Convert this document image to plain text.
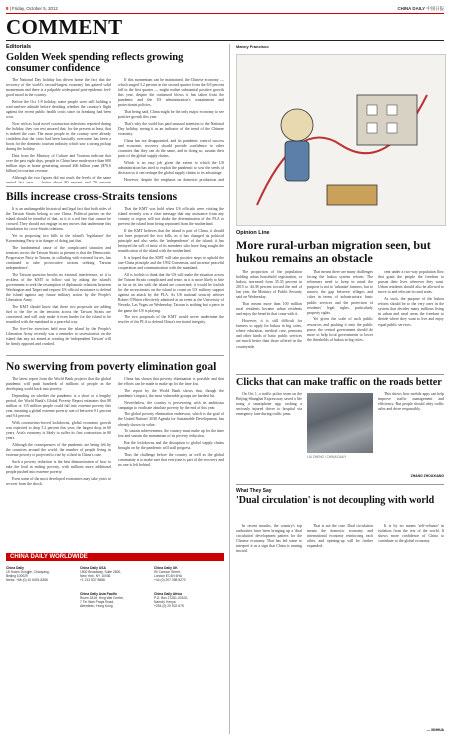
8 | Friday, October 5, 2012	CHINA DAILY 中国日报
COMMENT
Editorials
Golden Week spending reflects growing consumer confidence

The National Day holiday has driven home the fact that the recovery of the world's second-largest economy has gained solid momentum and there is a palpable widespread post-epidemic feel-good mood in the country.

Before the Oct 1-8 holiday, some people were still holding a wait-and-see attitude before deciding whether the country's flight against the recent public health crisis since its breaking had been won.

Now with as local novel coronavirus infections reported during the holiday, they can rest assured that, for the present at least, that is indeed the case. The more people in the country were already confident that the virus had been basically overcome has been a boost for the domestic tourism industry which saw a strong pickup during the holiday.

Data from the Ministry of Culture and Tourism indicate that over the past eight days, people in China have made more than 600 million trips at home generating around 466 billion yuan ($70.6 billion) in tourism revenue.

Although the two figures did not reach the levels of the same

If this momentum can be maintained, the Chinese economy — which surged 3.2 percent in the second quarter from the 6.8 percent fall in the first quarter — might realize substantial positive growth this year, despite the continued blows it has taken from the pandemic and the US administration's containment and protectionist policies.

That being said, China might be the only major economy to see positive growth this year.

That's why the world has paid unusual attention to the National Day holiday, seeing it as an indicator of the trend of the Chinese economy.

China has not disappointed, and its pandemic control success and economic recovery should provide confidence to other countries that they can do the same, and in doing so, sustain their parts of the global supply chains.

Which is no easy job given the extent to which the US administration has tried to exploit the pandemic to sow the seeds of division so it can reshape the global supply chains to its advantage.

However, despite the emphasis on domestic production and

Bills increase cross-Straits tensions

It is an unchangeable historical and legal fact that both sides of the Taiwan Straits belong to one China. Political parties on the island should be mindful of that, as it is a red line that cannot be crossed. They should not engage in any moves that undermine this foundation for cross-Straits relations.

Yet in proposing two bills in the island's 'legislature' the Kuomintang Party is in danger of doing just that.

The fundamental cause of the complicated situation and tensions across the Taiwan Straits at present is that the Democratic Progressive Party in Taiwan, in colluding with external forces, has continued to take provocative actions seeking 'Taiwan independence'.

The Taiwan question brooks no external interference, so it is reckless of the KMT to follow suit by asking the island's government to seek the resumption of diplomatic relations between Washington and Taipei and request US official assistance to defend the island against any future military action by the People's Liberation Army.

The KMT should know that these two proposals are adding fuel to the fire as the tensions across the Taiwan Straits are concerned, and will only make it even harder for the island to be reunified with the mainland in a peaceful way.

The five-fire exercises held near the island by the People's Liberation Army recently was a reminder to secessionists on the island that any act aimed at creating de 'independent Taiwan' will be firmly opposed and crushed.

That the KMT was bold when US officials were visiting the island recently was a clear message that any assistance from any country or region will not shake the determination of the PLA to prevent the island from being separated from the motherland.

If the KMT believes that the island is part of China, it should not have proposed the two bills, as it has changed its political principle and also seeks the 'independence' of the island; it has betrayed the will of most of its members who have long sought the reunification of the island with the motherland.

It is hoped that the KMT will take positive steps to uphold the one-China principle and the 1992 Consensus, and increase peaceful cooperation and communication with the mainland.

All is foolish to think that the US will make the situation across the Taiwan Straits complicated and tense, as it is more likely to bite as far as its ties with the island are concerned; it would be foolish for the secessionists on the island to count on US military support against an attack by the PLA. As US national security adviser Robert O'Brien effectively admitted at an event at the University of Nevada, Las Vegas on Wednesday, Taiwan is nothing but a piece in the game the US is playing.

The two proposals of the KMT would never undermine the resolve of the PLA to defend China's territorial integrity.

No swerving from poverty elimination goal

The latest report from the World Bank projects that the global pandemic will push hundreds of millions of people in the developing world back into poverty.

Depending on whether the pandemic is a short or a lengthy period, the World Bank's Global Poverty Report estimates that 88 million or 115 million people could fall into extreme poverty this year, meaning a global extreme poverty rate of between 9.1 percent and 9.4 percent.

With coronavirus-forced lockdowns, global economic growth was expected to drop 5.2 percent this year; the largest drop in 60 years. Asia's economy is likely to suffer its first contraction in 60 years.

Although the consequences of the pandemic are being felt by the countries around the world, the number of people living in extreme poverty is projected to rise by a third in China's case.

Such a poverty reduction is the best demonstration of how to take the lead in ending poverty, with millions more additional people pushed into extreme poverty.

Even some of the most developed economies may take years to recover from the shock.

China has shown that poverty elimination is possible and that the efforts can be made to make up for the time lost.

The report by the World Bank shows that, though the pandemic's impact, the most vulnerable groups are hardest hit.

Nevertheless, the country is persevering with its ambitious campaign to eradicate absolute poverty by the end of this year.

The global poverty elimination endeavour, which is the goal of the United Nations' 2030 Agenda for Sustainable Development, has already shown its value.

To sustain achievements, the country must make up for the time lost and sustain the momentum of its poverty reduction.

But the lockdowns and the disruption to global supply chains brought on by the pandemic will stall progress.

Thus the challenge before the country as well as the global community is to make sure that everyone is part of the recovery and no one is left behind.

CHINA DAILY WORLDWIDE
China Daily
15 Huixin Dongjie, Chaoyang,
Beijing 100029
News: +86 (0) 10 6491-8366
China Daily USA
1500 Broadway, Suite 2800,
New York, NY 10036
+1 212 537 8888
China Daily UK
90 Cannon Street,
London EC4N 6HA
+44 (0) 207 398 8270
China Daily Asia Pacific
Room 1818, Hing Wai Centre,
7 Tin Wan Praya Road,
Aberdeen, Hong Kong
China Daily Africa
P.O. Box 27281-00100,
Nairobi, Kenya
+254 (0) 20 522 675
Manny Francisco
Opinion Line
More rural-urban migration seen, but hukou remains an obstacle

The proportion of the population holding urban household registration, or hukou, increased from 35.33 percent in 2015 to 44.38 percent toward the end of last year, the Ministry of Public Security said on Wednesday.

That means more than 100 million rural residents became urban residents and enjoy the benefits that come with it.

However, it is still difficult for farmers to apply for hukou in big cities, where education, medical care, pensions and other kinds of basic public services are much better than those offered in the countryside.

That means there are many challenges facing the hukou system reform. The reformers need to keep in mind the purpose is not to 'urbanize' farmers, but to narrow the gap between villages and cities in terms of infrastructure, basic public services and the protection of residents' legal rights, particularly property rights.

Yet given the scale of such public resources and pushing it onto the public purse, the central government should do more to help local governments to lower the thresholds of hukou in big cities.

cent under a two-way population flow that grant the people the freedom to pursue their lives wherever they want. Urban residents should also be allowed to move to and relocate in rural areas.

As such, the purpose of the hukou reform should be to the very ones in the system that decides many millions living in urban and rural areas the freedom to decide where they want to live and enjoy equal public services.

Clicks that can make traffic on the roads better

On Oct 1, a traffic police team on the Beijing-Shanghai Expressway saved a life using a smartphone app, rushing a seriously injured driver to hospital via emergency lane during traffic jams.

LIU ZHENG / CHINA DAILY

This shows how mobile apps can help improve traffic management and efficiency. But people should obey traffic rules and drive responsibly.

ZHANG ZHOUXIANG
What They Say
'Dual circulation' is not decoupling with world

In recent months, the country's top authorities have been bringing up a 'dual circulation' development pattern for the Chinese economy. That has led some to interpret it as a sign that China is turning inward.

That is not the case. Dual circulation means the domestic economy and international economy reinforcing each other, and opening-up will be further expanded.

It is by no means 'self-reliance' in isolation from the rest of the world. It shows more confidence of China to contribute to the global economy.

— XINHUA
